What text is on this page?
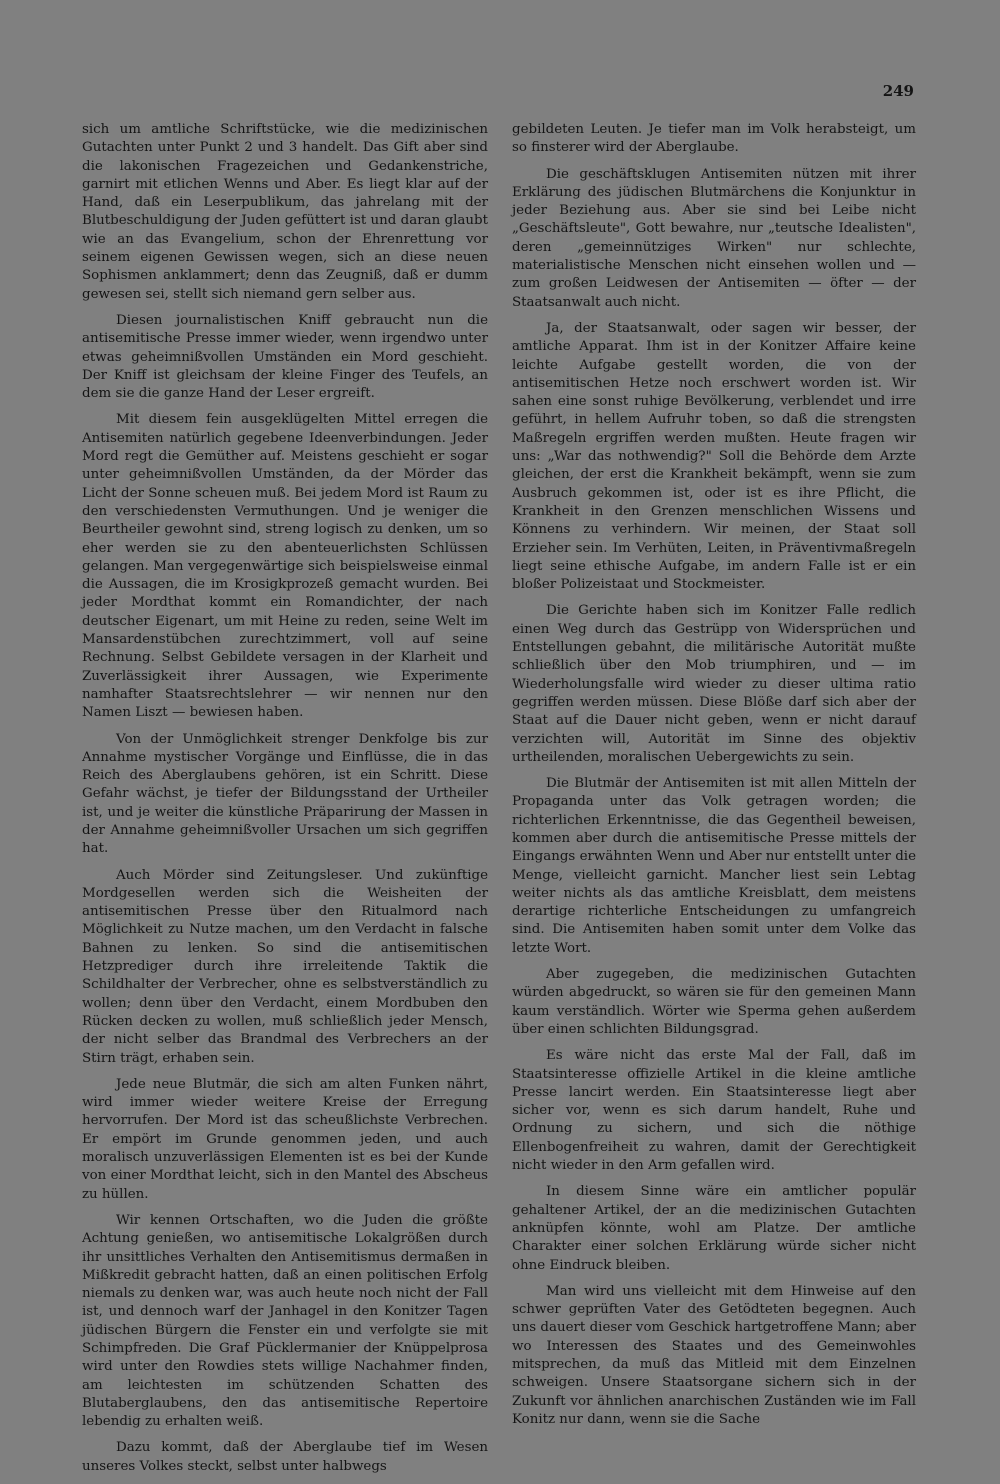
249

sich um amtliche Schriftstücke, wie die medizinischen Gutachten unter Punkt 2 und 3 handelt. Das Gift aber sind die lakonischen Fragezeichen und Gedankenstriche, garnirt mit etlichen Wenns und Aber. Es liegt klar auf der Hand, daß ein Leserpublikum, das jahrelang mit der Blutbeschuldigung der Juden gefüttert ist und daran glaubt wie an das Evangelium, schon der Ehrenrettung vor seinem eigenen Gewissen wegen, sich an diese neuen Sophismen anklammert; denn das Zeugniß, daß er dumm gewesen sei, stellt sich niemand gern selber aus.

Diesen journalistischen Kniff gebraucht nun die antisemitische Presse immer wieder, wenn irgendwo unter etwas geheimnißvollen Umständen ein Mord geschieht. Der Kniff ist gleichsam der kleine Finger des Teufels, an dem sie die ganze Hand der Leser ergreift.

Mit diesem fein ausgeklügelten Mittel erregen die Antisemiten natürlich gegebene Ideenverbindungen. Jeder Mord regt die Gemüther auf. Meistens geschieht er sogar unter geheimnißvollen Umständen, da der Mörder das Licht der Sonne scheuen muß. Bei jedem Mord ist Raum zu den verschiedensten Vermuthungen. Und je weniger die Beurtheiler gewohnt sind, streng logisch zu denken, um so eher werden sie zu den abenteuerlichsten Schlüssen gelangen. Man vergegenwärtige sich beispielsweise einmal die Aussagen, die im Krosigkprozeß gemacht wurden. Bei jeder Mordthat kommt ein Romandichter, der nach deutscher Eigenart, um mit Heine zu reden, seine Welt im Mansardenstübchen zurechtzimmert, voll auf seine Rechnung. Selbst Gebildete versagen in der Klarheit und Zuverlässigkeit ihrer Aussagen, wie Experimente namhafter Staatsrechtslehrer — wir nennen nur den Namen Liszt — bewiesen haben.

Von der Unmöglichkeit strenger Denkfolge bis zur Annahme mystischer Vorgänge und Einflüsse, die in das Reich des Aberglaubens gehören, ist ein Schritt. Diese Gefahr wächst, je tiefer der Bildungsstand der Urtheiler ist, und je weiter die künstliche Präparirung der Massen in der Annahme geheimnißvoller Ursachen um sich gegriffen hat.

Auch Mörder sind Zeitungsleser. Und zukünftige Mordgesellen werden sich die Weisheiten der antisemitischen Presse über den Ritualmord nach Möglichkeit zu Nutze machen, um den Verdacht in falsche Bahnen zu lenken. So sind die antisemitischen Hetzprediger durch ihre irreleitende Taktik die Schildhalter der Verbrecher, ohne es selbstverständlich zu wollen; denn über den Verdacht, einem Mordbuben den Rücken decken zu wollen, muß schließlich jeder Mensch, der nicht selber das Brandmal des Verbrechers an der Stirn trägt, erhaben sein.

Jede neue Blutmär, die sich am alten Funken nährt, wird immer wieder weitere Kreise der Erregung hervorrufen. Der Mord ist das scheußlichste Verbrechen. Er empört im Grunde genommen jeden, und auch moralisch unzuverlässigen Elementen ist es bei der Kunde von einer Mordthat leicht, sich in den Mantel des Abscheus zu hüllen.

Wir kennen Ortschaften, wo die Juden die größte Achtung genießen, wo antisemitische Lokalgrößen durch ihr unsittliches Verhalten den Antisemitismus dermaßen in Mißkredit gebracht hatten, daß an einen politischen Erfolg niemals zu denken war, was auch heute noch nicht der Fall ist, und dennoch warf der Janhagel in den Konitzer Tagen jüdischen Bürgern die Fenster ein und verfolgte sie mit Schimpfreden. Die Graf Pücklermanier der Knüppelprosa wird unter den Rowdies stets willige Nachahmer finden, am leichtesten im schützenden Schatten des Blutaberglaubens, den das antisemitische Repertoire lebendig zu erhalten weiß.

Dazu kommt, daß der Aberglaube tief im Wesen unseres Volkes steckt, selbst unter halbwegs

gebildeten Leuten. Je tiefer man im Volk herabsteigt, um so finsterer wird der Aberglaube.

Die geschäftsklugen Antisemiten nützen mit ihrer Erklärung des jüdischen Blutmärchens die Konjunktur in jeder Beziehung aus. Aber sie sind bei Leibe nicht „Geschäftsleute", Gott bewahre, nur „teutsche Idealisten", deren „gemeinnütziges Wirken" nur schlechte, materialistische Menschen nicht einsehen wollen und — zum großen Leidwesen der Antisemiten — öfter — der Staatsanwalt auch nicht.

Ja, der Staatsanwalt, oder sagen wir besser, der amtliche Apparat. Ihm ist in der Konitzer Affaire keine leichte Aufgabe gestellt worden, die von der antisemitischen Hetze noch erschwert worden ist. Wir sahen eine sonst ruhige Bevölkerung, verblendet und irre geführt, in hellem Aufruhr toben, so daß die strengsten Maßregeln ergriffen werden mußten. Heute fragen wir uns: „War das nothwendig?" Soll die Behörde dem Arzte gleichen, der erst die Krankheit bekämpft, wenn sie zum Ausbruch gekommen ist, oder ist es ihre Pflicht, die Krankheit in den Grenzen menschlichen Wissens und Könnens zu verhindern. Wir meinen, der Staat soll Erzieher sein. Im Verhüten, Leiten, in Präventivmaßregeln liegt seine ethische Aufgabe, im andern Falle ist er ein bloßer Polizeistaat und Stockmeister.

Die Gerichte haben sich im Konitzer Falle redlich einen Weg durch das Gestrüpp von Widersprüchen und Entstellungen gebahnt, die militärische Autorität mußte schließlich über den Mob triumphiren, und — im Wiederholungsfalle wird wieder zu dieser ultima ratio gegriffen werden müssen. Diese Blöße darf sich aber der Staat auf die Dauer nicht geben, wenn er nicht darauf verzichten will, Autorität im Sinne des objektiv urtheilenden, moralischen Uebergewichts zu sein.

Die Blutmär der Antisemiten ist mit allen Mitteln der Propaganda unter das Volk getragen worden; die richterlichen Erkenntnisse, die das Gegentheil beweisen, kommen aber durch die antisemitische Presse mittels der Eingangs erwähnten Wenn und Aber nur entstellt unter die Menge, vielleicht garnicht. Mancher liest sein Lebtag weiter nichts als das amtliche Kreisblatt, dem meistens derartige richterliche Entscheidungen zu umfangreich sind. Die Antisemiten haben somit unter dem Volke das letzte Wort.

Aber zugegeben, die medizinischen Gutachten würden abgedruckt, so wären sie für den gemeinen Mann kaum verständlich. Wörter wie Sperma gehen außerdem über einen schlichten Bildungsgrad.

Es wäre nicht das erste Mal der Fall, daß im Staatsinteresse offizielle Artikel in die kleine amtliche Presse lancirt werden. Ein Staatsinteresse liegt aber sicher vor, wenn es sich darum handelt, Ruhe und Ordnung zu sichern, und sich die nöthige Ellenbogenfreiheit zu wahren, damit der Gerechtigkeit nicht wieder in den Arm gefallen wird.

In diesem Sinne wäre ein amtlicher populär gehaltener Artikel, der an die medizinischen Gutachten anknüpfen könnte, wohl am Platze. Der amtliche Charakter einer solchen Erklärung würde sicher nicht ohne Eindruck bleiben.

Man wird uns vielleicht mit dem Hinweise auf den schwer geprüften Vater des Getödteten begegnen. Auch uns dauert dieser vom Geschick hartgetroffene Mann; aber wo Interessen des Staates und des Gemeinwohles mitsprechen, da muß das Mitleid mit dem Einzelnen schweigen. Unsere Staatsorgane sichern sich in der Zukunft vor ähnlichen anarchischen Zuständen wie im Fall Konitz nur dann, wenn sie die Sache
